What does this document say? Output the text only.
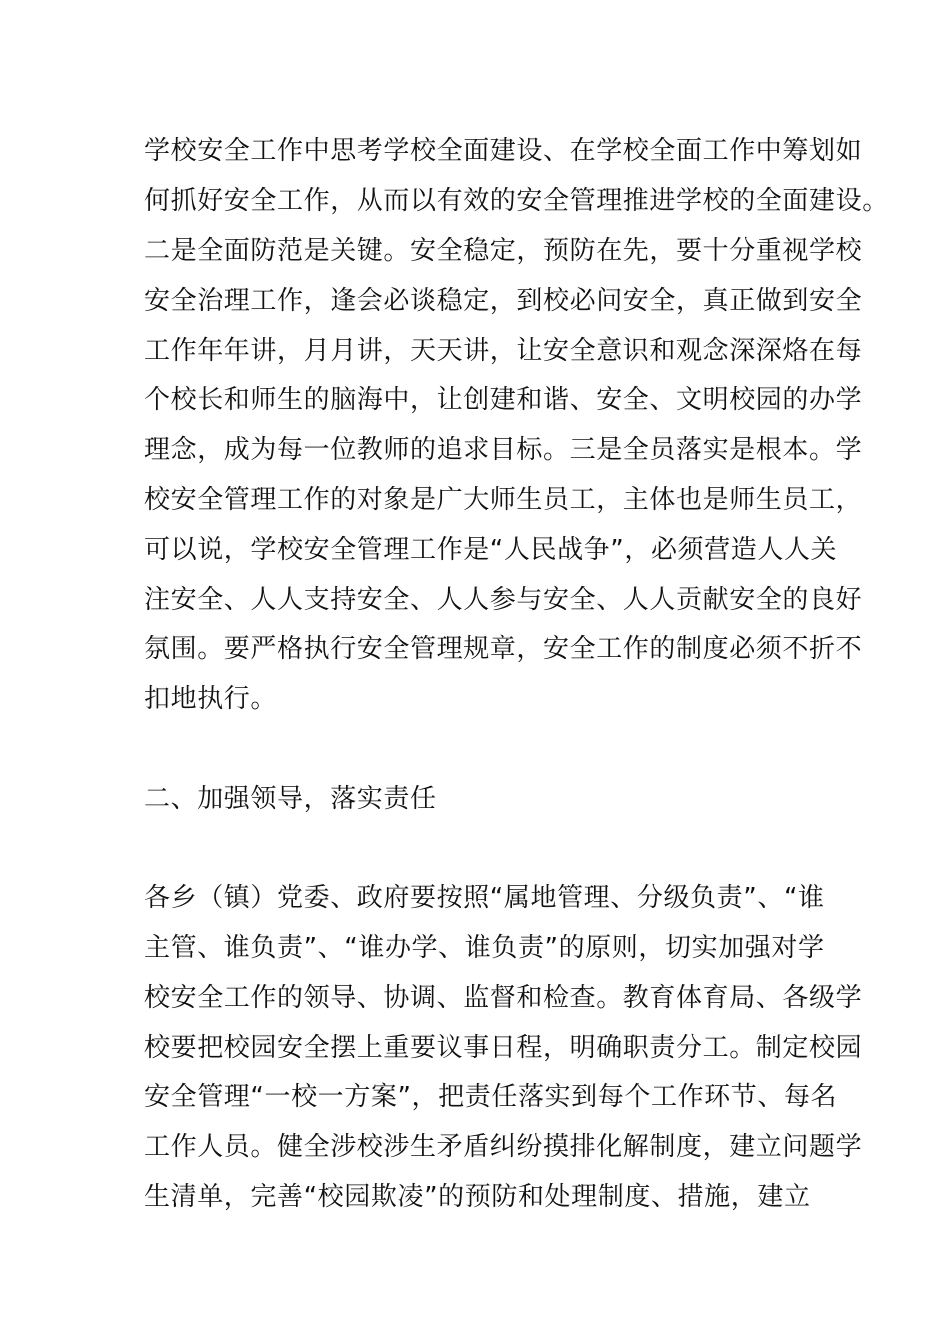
学校安全工作中思考学校全面建设、在学校全面工作中筹划如
何抓好安全工作，从而以有效的安全管理推进学校的全面建设。
二是全面防范是关键。安全稳定，预防在先，要十分重视学校
安全治理工作，逢会必谈稳定，到校必问安全，真正做到安全
工作年年讲，月月讲，天天讲，让安全意识和观念深深烙在每
个校长和师生的脑海中，让创建和谐、安全、文明校园的办学
理念，成为每一位教师的追求目标。三是全员落实是根本。学
校安全管理工作的对象是广大师生员工，主体也是师生员工，
可以说，学校安全管理工作是“人民战争”，必须营造人人关
注安全、人人支持安全、人人参与安全、人人贡献安全的良好
氛围。要严格执行安全管理规章，安全工作的制度必须不折不
扣地执行。
二、加强领导，落实责任
各乡（镇）党委、政府要按照“属地管理、分级负责”、“谁
主管、谁负责”、“谁办学、谁负责”的原则，切实加强对学
校安全工作的领导、协调、监督和检查。教育体育局、各级学
校要把校园安全摆上重要议事日程，明确职责分工。制定校园
安全管理“一校一方案”，把责任落实到每个工作环节、每名
工作人员。健全涉校涉生矛盾纠纷摸排化解制度，建立问题学
生清单，完善“校园欺凌”的预防和处理制度、措施，建立
